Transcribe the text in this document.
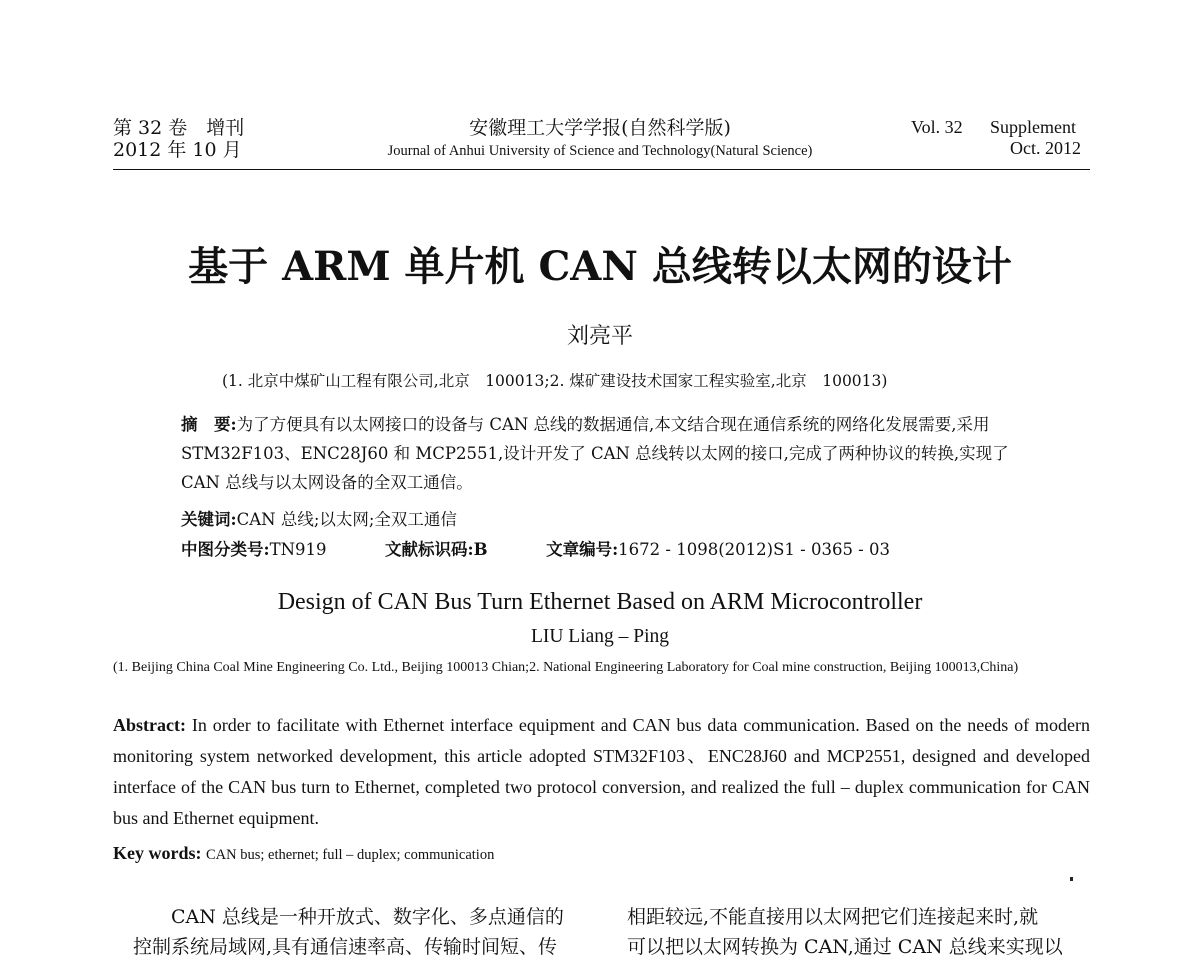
第 32 卷　增刊
2012 年 10 月
安徽理工大学学报(自然科学版)
Journal of Anhui University of Science and Technology(Natural Science)
Vol. 32 Supplement
Oct. 2012
基于 ARM 单片机 CAN 总线转以太网的设计
刘亮平
(1. 北京中煤矿山工程有限公司,北京　100013;2. 煤矿建设技术国家工程实验室,北京　100013)
摘　要:为了方便具有以太网接口的设备与 CAN 总线的数据通信,本文结合现在通信系统的网络化发展需要,采用 STM32F103、ENC28J60 和 MCP2551,设计开发了 CAN 总线转以太网的接口,完成了两种协议的转换,实现了 CAN 总线与以太网设备的全双工通信。
关键词:CAN 总线;以太网;全双工通信
中图分类号:TN919	文献标识码:B	文章编号:1672 - 1098(2012)S1 - 0365 - 03
Design of CAN Bus Turn Ethernet Based on ARM Microcontroller
LIU Liang – Ping
(1. Beijing China Coal Mine Engineering Co. Ltd., Beijing 100013 Chian;2. National Engineering Laboratory for Coal mine construction, Beijing 100013,China)
Abstract: In order to facilitate with Ethernet interface equipment and CAN bus data communication. Based on the needs of modern monitoring system networked development, this article adopted STM32F103、ENC28J60 and MCP2551, designed and developed interface of the CAN bus turn to Ethernet, completed two protocol conversion, and realized the full – duplex communication for CAN bus and Ethernet equipment.
Key words: CAN bus; ethernet; full – duplex; communication
CAN 总线是一种开放式、数字化、多点通信的
控制系统局域网,具有通信速率高、传输时间短、传
相距较远,不能直接用以太网把它们连接起来时,就
可以把以太网转换为 CAN,通过 CAN 总线来实现以
